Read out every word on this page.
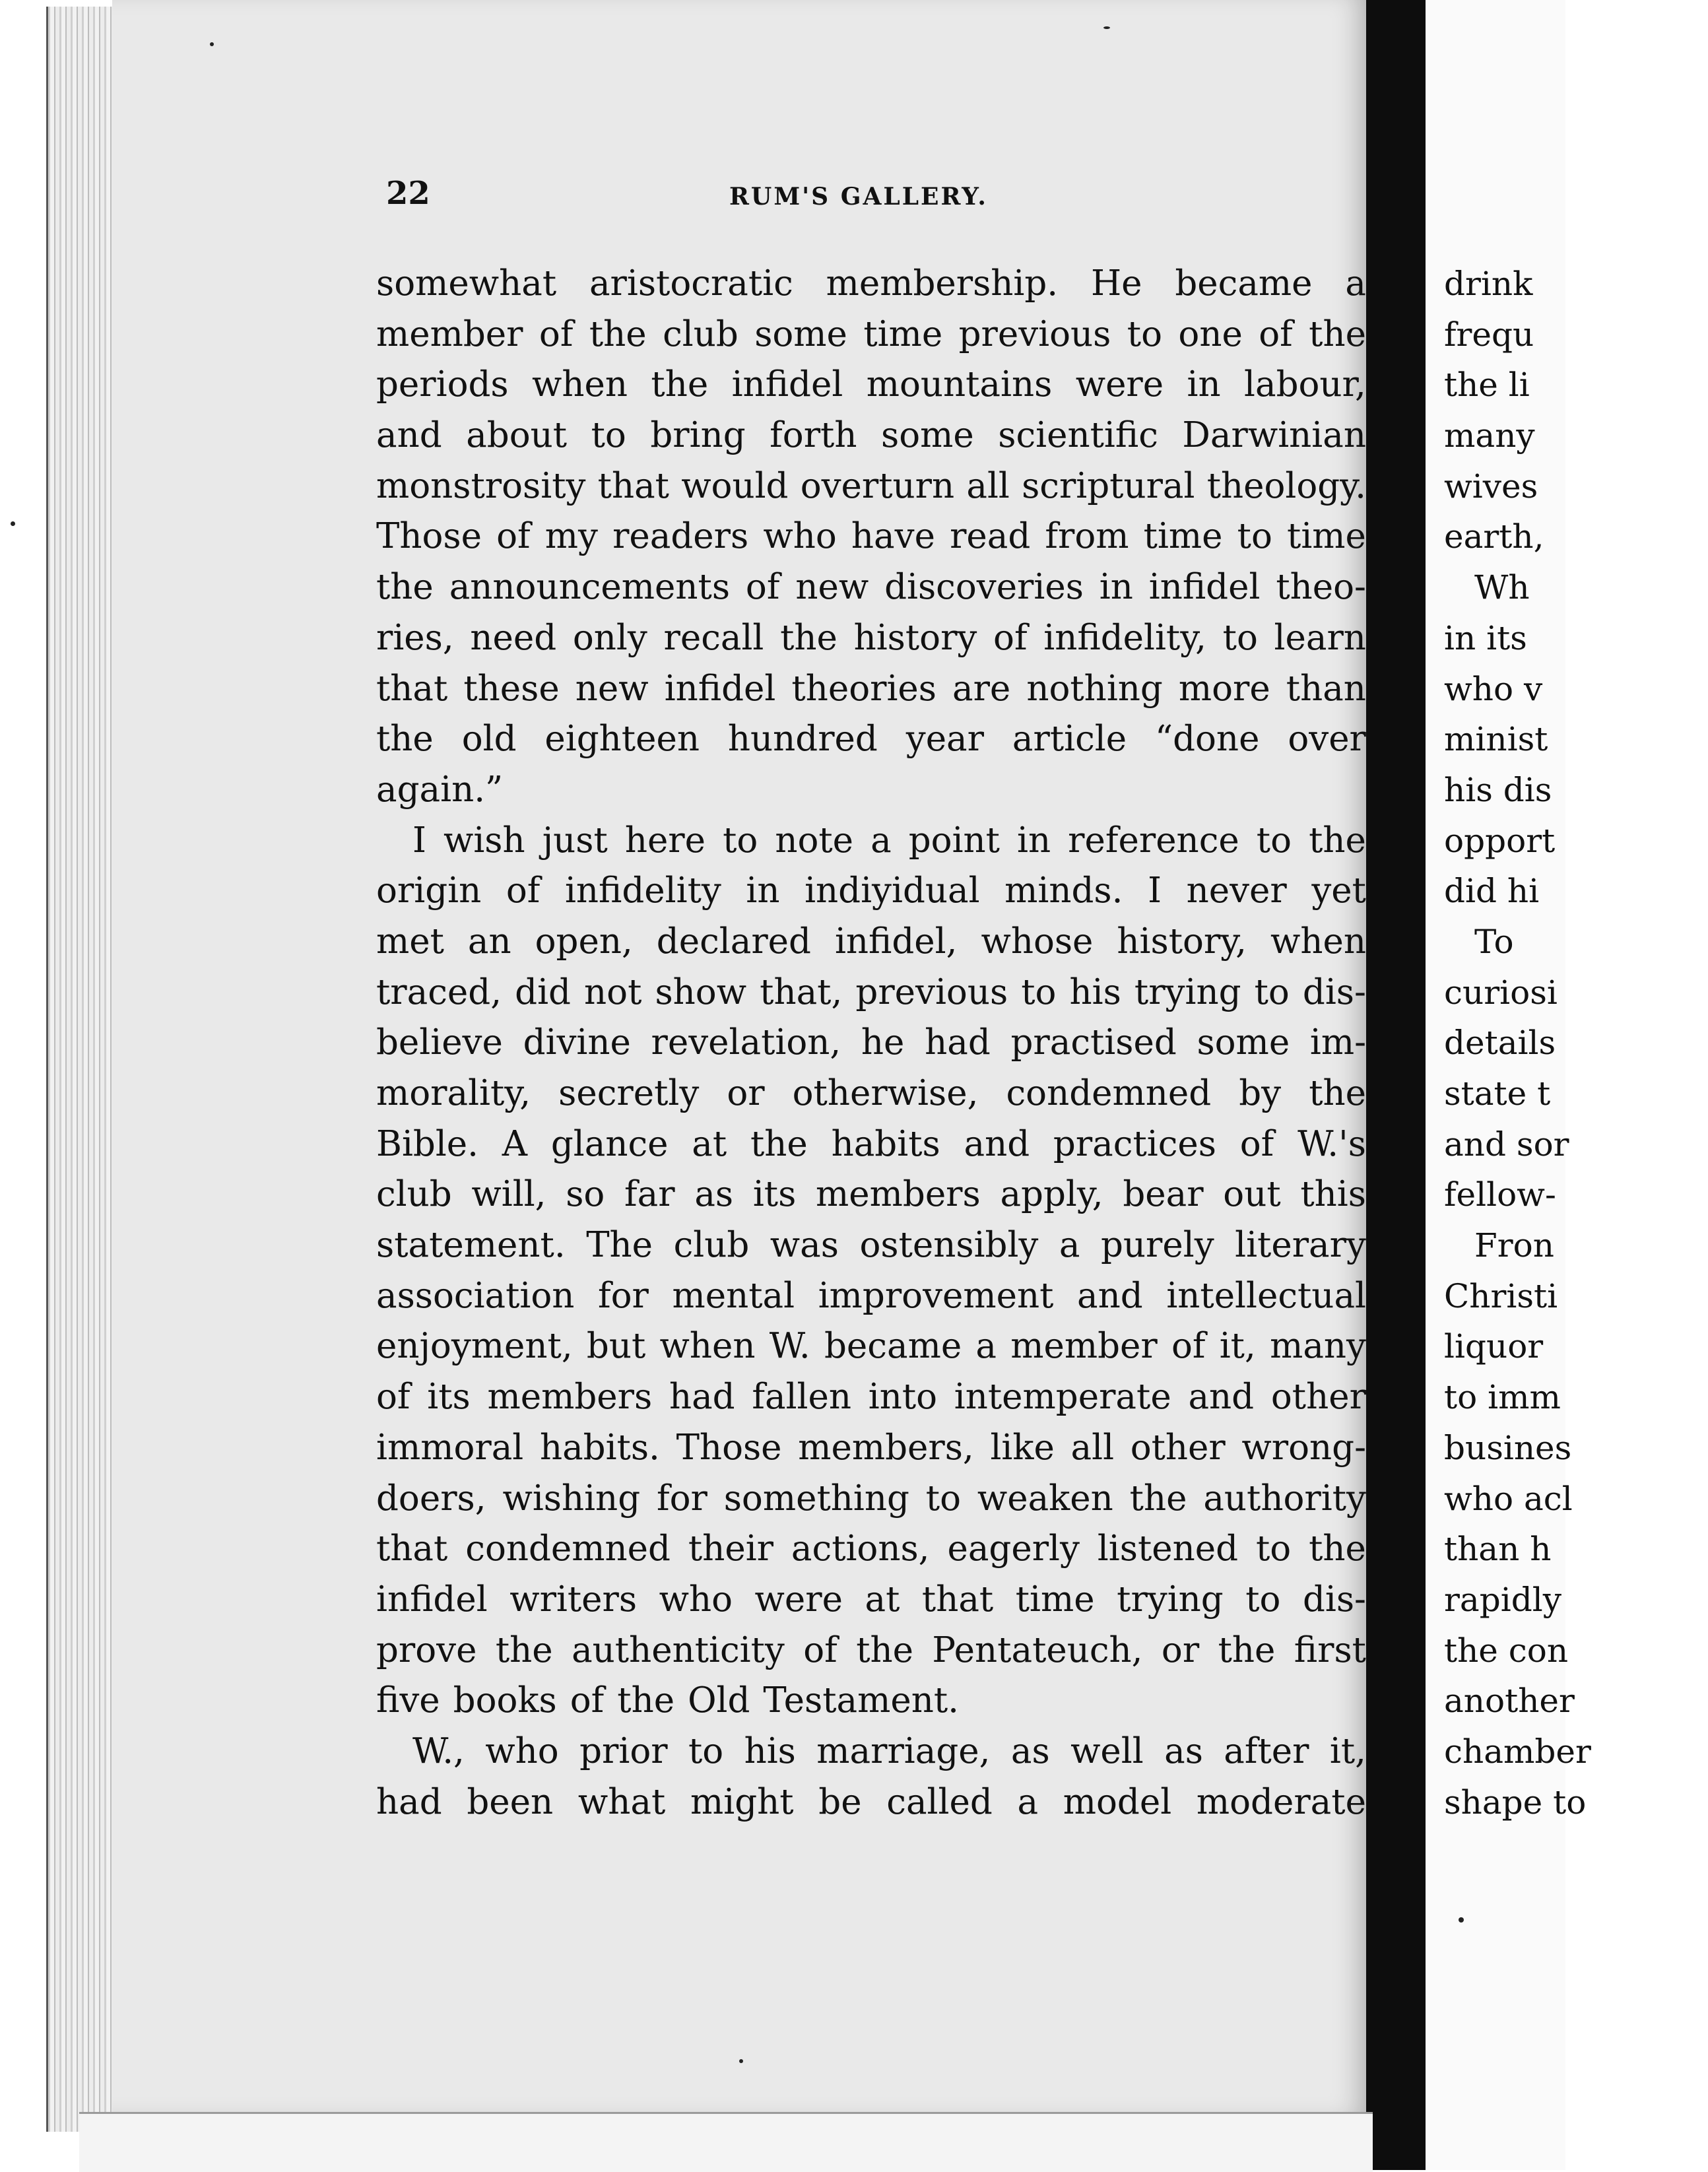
drink
frequ
the li
many
wives
earth,
Wh
in its
who v
minist
his dis
opport
did hi
To
curiosi
details
state t
and sor
fellow-
Fron
Christi
liquor
to imm
busines
who acl
than h
rapidly
the con
another
chamber
shape to
22	RUM'S GALLERY.
somewhat aristocratic membership. He became a
member of the club some time previous to one of the
periods when the infidel mountains were in labour,
and about to bring forth some scientific Darwinian
monstrosity that would overturn all scriptural theology.
Those of my readers who have read from time to time
the announcements of new discoveries in infidel theo-
ries, need only recall the history of infidelity, to learn
that these new infidel theories are nothing more than
the old eighteen hundred year article “done over
again.”
I wish just here to note a point in reference to the
origin of infidelity in indiyidual minds. I never yet
met an open, declared infidel, whose history, when
traced, did not show that, previous to his trying to dis-
believe divine revelation, he had practised some im-
morality, secretly or otherwise, condemned by the
Bible. A glance at the habits and practices of W.'s
club will, so far as its members apply, bear out this
statement. The club was ostensibly a purely literary
association for mental improvement and intellectual
enjoyment, but when W. became a member of it, many
of its members had fallen into intemperate and other
immoral habits. Those members, like all other wrong-
doers, wishing for something to weaken the authority
that condemned their actions, eagerly listened to the
infidel writers who were at that time trying to dis-
prove the authenticity of the Pentateuch, or the first
five books of the Old Testament.
W., who prior to his marriage, as well as after it,
had been what might be called a model moderate
